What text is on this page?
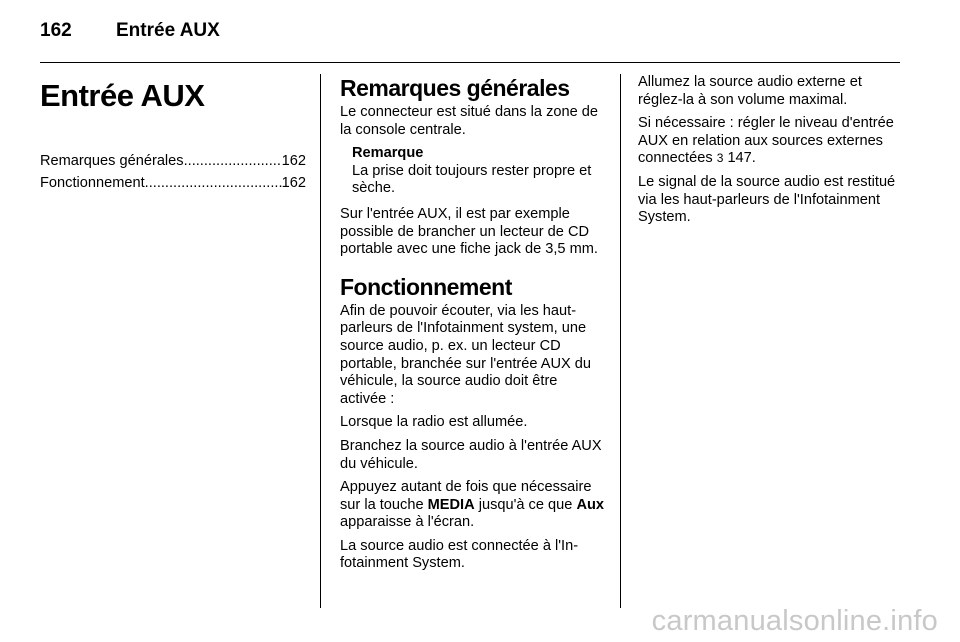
162 Entrée AUX
Entrée AUX
Remarques générales .....	162
Fonctionnement .....	162
Remarques générales

Le connecteur est situé dans la zone de la console centrale.

Remarque

La prise doit toujours rester propre et sèche.

Sur l'entrée AUX, il est par exemple possible de brancher un lecteur de CD portable avec une fiche jack de 3,5 mm.

Fonctionnement

Afin de pouvoir écouter, via les haut-parleurs de l'Infotainment system, une source audio, p. ex. un lecteur CD portable, branchée sur l'entrée AUX du véhicule, la source audio doit être activée :

Lorsque la radio est allumée.

Branchez la source audio à l'entrée AUX du véhicule.

Appuyez autant de fois que nécessaire sur la touche MEDIA jusqu'à ce que Aux apparaisse à l'écran.

La source audio est connectée à l'Infotainment System.

Allumez la source audio externe et réglez-la à son volume maximal.

Si nécessaire : régler le niveau d'entrée AUX en relation aux sources externes connectées 3 147.

Le signal de la source audio est restitué via les haut-parleurs de l'Infotainment System.

carmanualsonline.info
